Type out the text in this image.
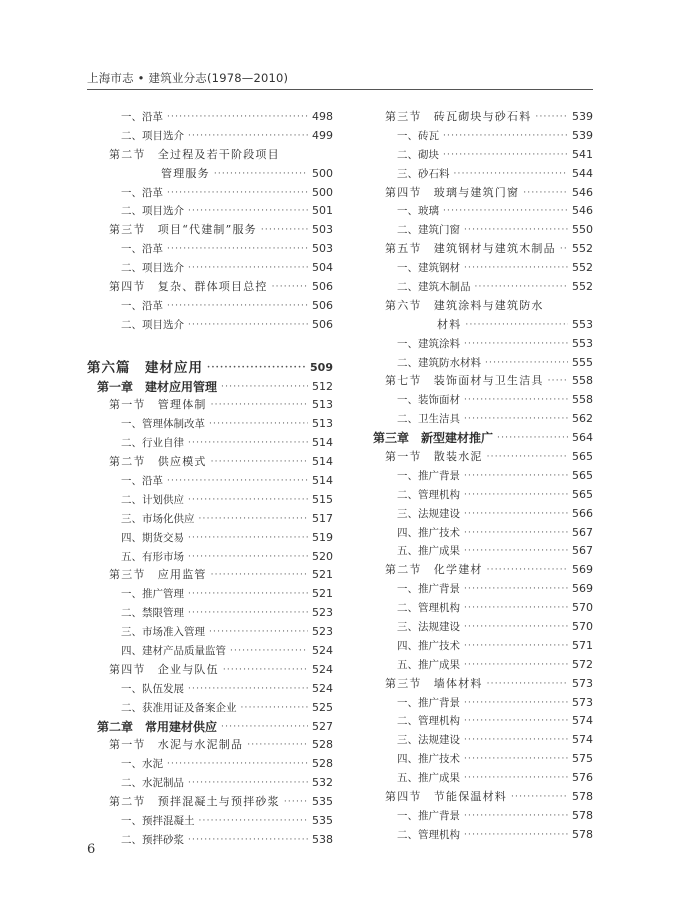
上海市志 • 建筑业分志(1978—2010)
一、沿革 ·····	498
二、项目选介 ·····	499
第二节　全过程及若干阶段项目
管理服务 ·····	500
一、沿革 ·····	500
二、项目选介 ·····	501
第三节　项目“代建制”服务 ·····	503
一、沿革 ·····	503
二、项目选介 ·····	504
第四节　复杂、群体项目总控 ·····	506
一、沿革 ·····	506
二、项目选介 ·····	506
第六篇　建材应用 ·····	509
第一章　建材应用管理 ·····	512
第一节　管理体制 ·····	513
一、管理体制改革 ·····	513
二、行业自律 ·····	514
第二节　供应模式 ·····	514
一、沿革 ·····	514
二、计划供应 ·····	515
三、市场化供应 ·····	517
四、期货交易 ·····	519
五、有形市场 ·····	520
第三节　应用监管 ·····	521
一、推广管理 ·····	521
二、禁限管理 ·····	523
三、市场准入管理 ·····	523
四、建材产品质量监管 ·····	524
第四节　企业与队伍 ·····	524
一、队伍发展 ·····	524
二、获准用证及备案企业 ·····	525
第二章　常用建材供应 ·····	527
第一节　水泥与水泥制品 ·····	528
一、水泥 ·····	528
二、水泥制品 ·····	532
第二节　预拌混凝土与预拌砂浆 ·····	535
一、预拌混凝土 ·····	535
二、预拌砂浆 ·····	538
第三节　砖瓦砌块与砂石料 ·····	539
一、砖瓦 ·····	539
二、砌块 ·····	541
三、砂石料 ·····	544
第四节　玻璃与建筑门窗 ·····	546
一、玻璃 ·····	546
二、建筑门窗 ·····	550
第五节　建筑钢材与建筑木制品 ····· 552
一、建筑钢材 ·····	552
二、建筑木制品 ·····	552
第六节　建筑涂料与建筑防水
材料 ·····	553
一、建筑涂料 ·····	553
二、建筑防水材料 ·····	555
第七节　装饰面材与卫生洁具 ·····	558
一、装饰面材 ·····	558
二、卫生洁具 ·····	562
第三章　新型建材推广 ·····	564
第一节　散装水泥 ·····	565
一、推广背景 ·····	565
二、管理机构 ·····	565
三、法规建设 ·····	566
四、推广技术 ·····	567
五、推广成果 ·····	567
第二节　化学建材 ·····	569
一、推广背景 ·····	569
二、管理机构 ·····	570
三、法规建设 ·····	570
四、推广技术 ·····	571
五、推广成果 ·····	572
第三节　墙体材料 ·····	573
一、推广背景 ·····	573
二、管理机构 ·····	574
三、法规建设 ·····	574
四、推广技术 ·····	575
五、推广成果 ·····	576
第四节　节能保温材料 ·····	578
一、推广背景 ·····	578
二、管理机构 ·····	578
6
